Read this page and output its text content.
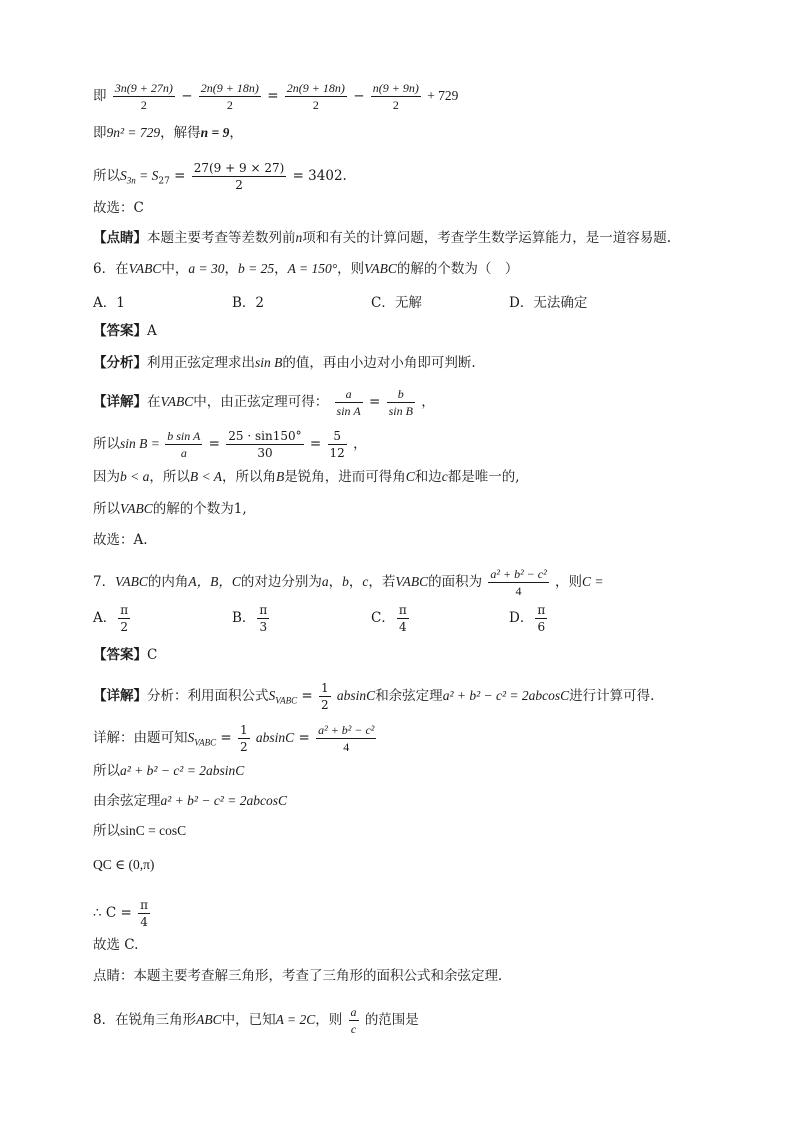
即 $\frac{3n(9 + 27n)}{2} - \frac{2n(9 + 18n)}{2} = \frac{2n(9 + 18n)}{2} - \frac{n(9 + 9n)}{2} + 729$
即9n² = 729，解得n = 9，
所以$S_{3n} = S_{27} = \frac{27(9 + 9 \times 27)}{2} = 3402$.
故选：C
【点睛】本题主要考查等差数列前n项和有关的计算问题，考查学生数学运算能力，是一道容易题.
6．在VABC中，a = 30，b = 25，A = 150°，则VABC的解的个数为（　）
A．1	B．2	C．无解	D．无法确定
【答案】A
【分析】利用正弦定理求出sin B的值，再由小边对小角即可判断.
【详解】在VABC中，由正弦定理可得： $\frac{a}{\text{sin A}} = \frac{b}{\text{sin B}}$ ，
所以$\sin B = \frac{\text{b sin A}}{a} = \frac{25 \cdot \sin 150^\circ}{30} = \frac{5}{12}$ ，
因为b < a，所以B < A，所以角B是锐角，进而可得角C和边c都是唯一的,
所以VABC的解的个数为1,
故选：A.
7．VABC的内角A，B，C的对边分别为a，b，c，若VABC的面积为 $\frac{\text{a² + b² − c²}}{4}$ ，则C =
A． $\frac{\pi}{2}$	B． $\frac{\pi}{3}$	C． $\frac{\pi}{4}$	D． $\frac{\pi}{6}$
【答案】C
【详解】分析：利用面积公式$S_{VABC} = \frac{1}{2}$ absinC和余弦定理a² + b² − c² = 2abcosC进行计算可得.
详解：由题可知$S_{VABC} = \frac{1}{2}$ $absinC = \frac{\text{a² + b² − c²}}{4}$
所以a² + b² − c² = 2absinC
由余弦定理a² + b² − c² = 2abcosC
所以sinC = cosC
QC ∈ (0,π)
∴ $C = \frac{\pi}{4}$
故选 C.
点睛：本题主要考查解三角形，考查了三角形的面积公式和余弦定理．
8．在锐角三角形ABC中，已知A = 2C，则 $\frac{a}{c}$ 的范围是
